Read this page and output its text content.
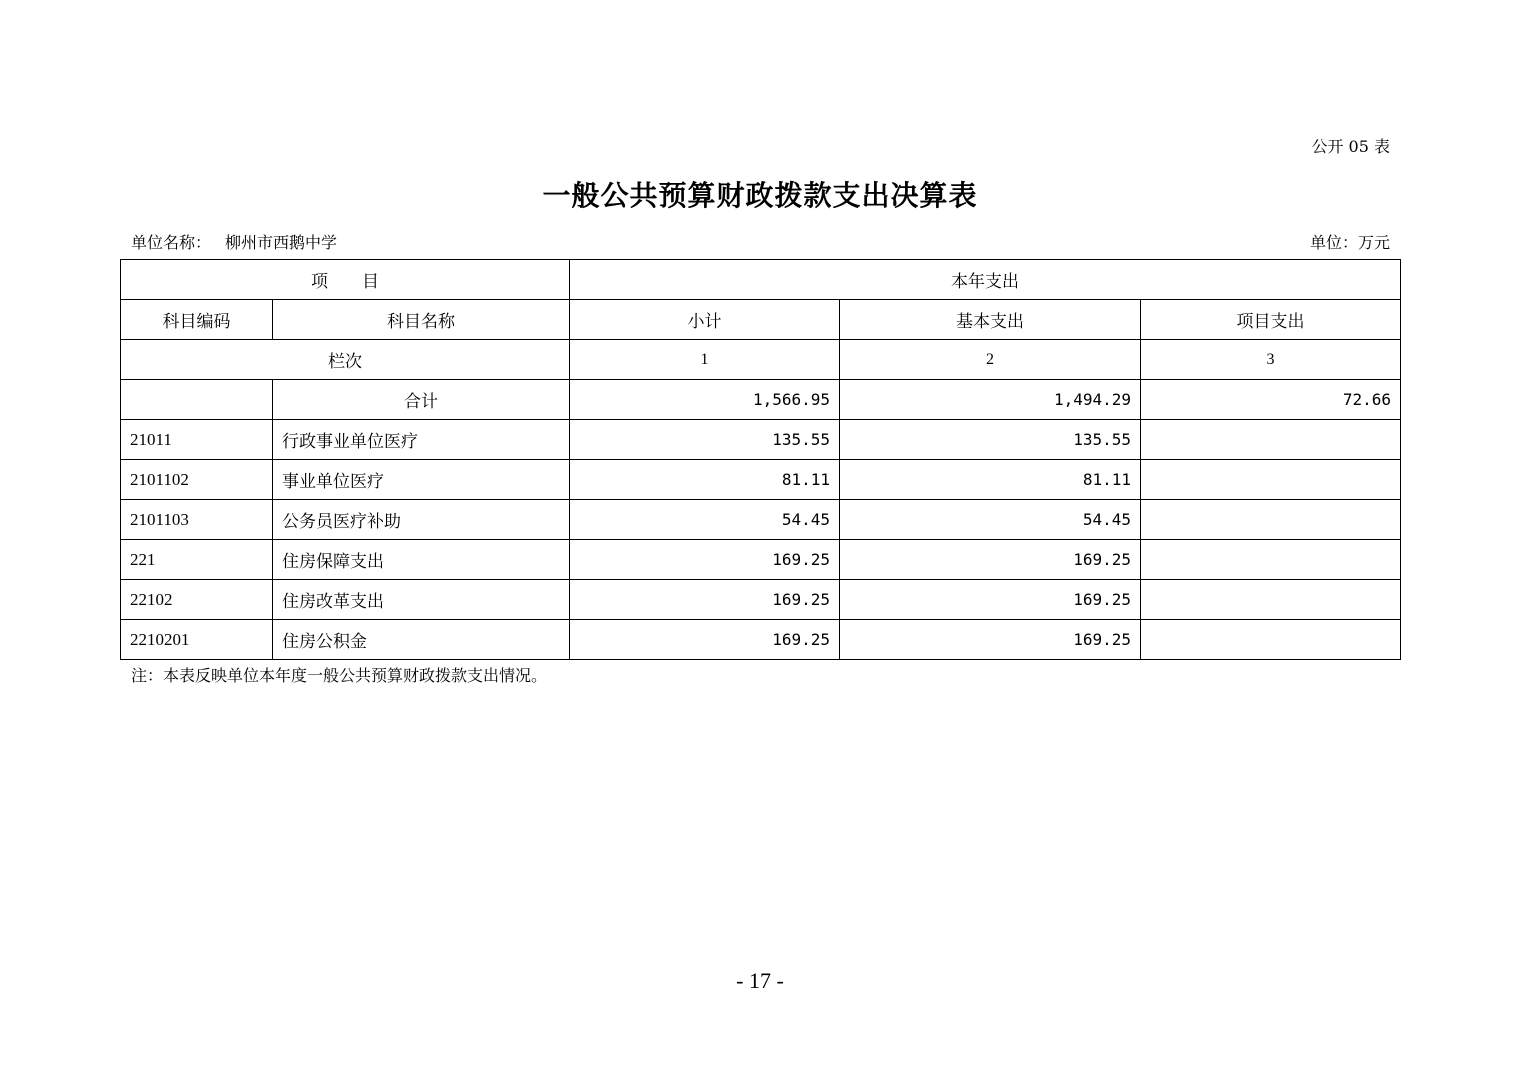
公开 05 表
一般公共预算财政拨款支出决算表
单位名称： 柳州市西鹅中学	单位：万元
项　　目		本年支出		
科目编码	科目名称	小计	基本支出	项目支出
栏次		1	2	3
	合计	1,566.95	1,494.29	72.66
21011	行政事业单位医疗	135.55	135.55	
2101102	事业单位医疗	81.11	81.11	
2101103	公务员医疗补助	54.45	54.45	
221	住房保障支出	169.25	169.25	
22102	住房改革支出	169.25	169.25	
2210201	住房公积金	169.25	169.25	
注：本表反映单位本年度一般公共预算财政拨款支出情况。
- 17 -
